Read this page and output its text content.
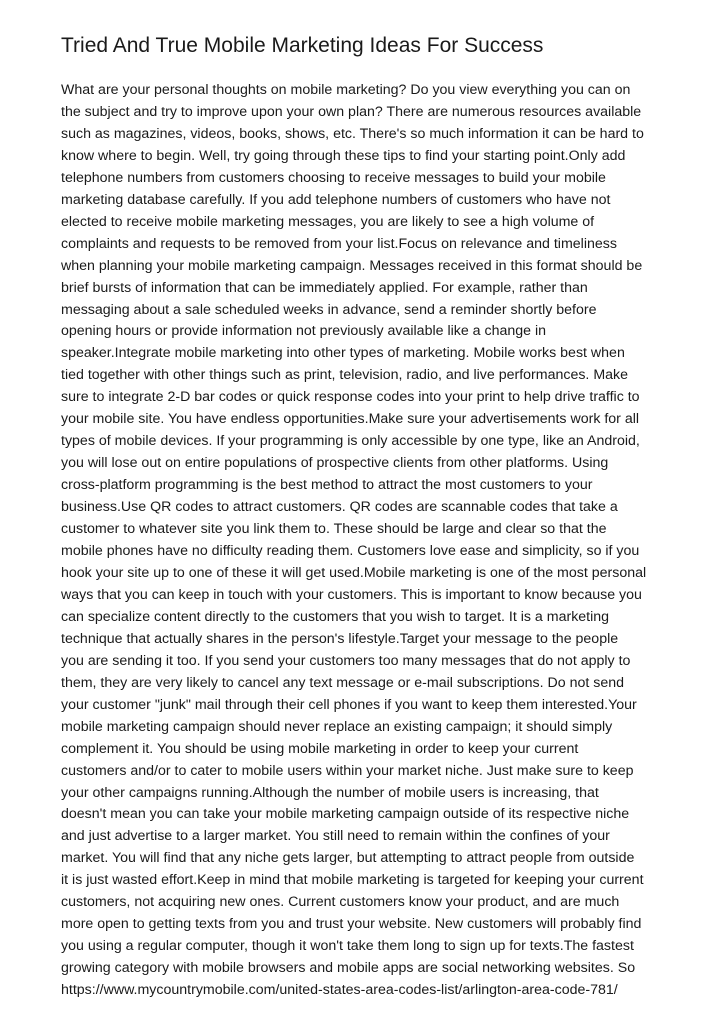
Tried And True Mobile Marketing Ideas For Success
What are your personal thoughts on mobile marketing? Do you view everything you can on
the subject and try to improve upon your own plan? There are numerous resources available
such as magazines, videos, books, shows, etc. There's so much information it can be hard to
know where to begin. Well, try going through these tips to find your starting point.Only add
telephone numbers from customers choosing to receive messages to build your mobile
marketing database carefully. If you add telephone numbers of customers who have not
elected to receive mobile marketing messages, you are likely to see a high volume of
complaints and requests to be removed from your list.Focus on relevance and timeliness
when planning your mobile marketing campaign. Messages received in this format should be
brief bursts of information that can be immediately applied. For example, rather than
messaging about a sale scheduled weeks in advance, send a reminder shortly before
opening hours or provide information not previously available like a change in
speaker.Integrate mobile marketing into other types of marketing. Mobile works best when
tied together with other things such as print, television, radio, and live performances. Make
sure to integrate 2-D bar codes or quick response codes into your print to help drive traffic to
your mobile site. You have endless opportunities.Make sure your advertisements work for all
types of mobile devices. If your programming is only accessible by one type, like an Android,
you will lose out on entire populations of prospective clients from other platforms. Using
cross-platform programming is the best method to attract the most customers to your
business.Use QR codes to attract customers. QR codes are scannable codes that take a
customer to whatever site you link them to. These should be large and clear so that the
mobile phones have no difficulty reading them. Customers love ease and simplicity, so if you
hook your site up to one of these it will get used.Mobile marketing is one of the most personal
ways that you can keep in touch with your customers. This is important to know because you
can specialize content directly to the customers that you wish to target. It is a marketing
technique that actually shares in the person's lifestyle.Target your message to the people
you are sending it too. If you send your customers too many messages that do not apply to
them, they are very likely to cancel any text message or e-mail subscriptions. Do not send
your customer "junk" mail through their cell phones if you want to keep them interested.Your
mobile marketing campaign should never replace an existing campaign; it should simply
complement it. You should be using mobile marketing in order to keep your current
customers and/or to cater to mobile users within your market niche. Just make sure to keep
your other campaigns running.Although the number of mobile users is increasing, that
doesn't mean you can take your mobile marketing campaign outside of its respective niche
and just advertise to a larger market. You still need to remain within the confines of your
market. You will find that any niche gets larger, but attempting to attract people from outside
it is just wasted effort.Keep in mind that mobile marketing is targeted for keeping your current
customers, not acquiring new ones. Current customers know your product, and are much
more open to getting texts from you and trust your website. New customers will probably find
you using a regular computer, though it won't take them long to sign up for texts.The fastest
growing category with mobile browsers and mobile apps are social networking websites. So
https://www.mycountrymobile.com/united-states-area-codes-list/arlington-area-code-781/
